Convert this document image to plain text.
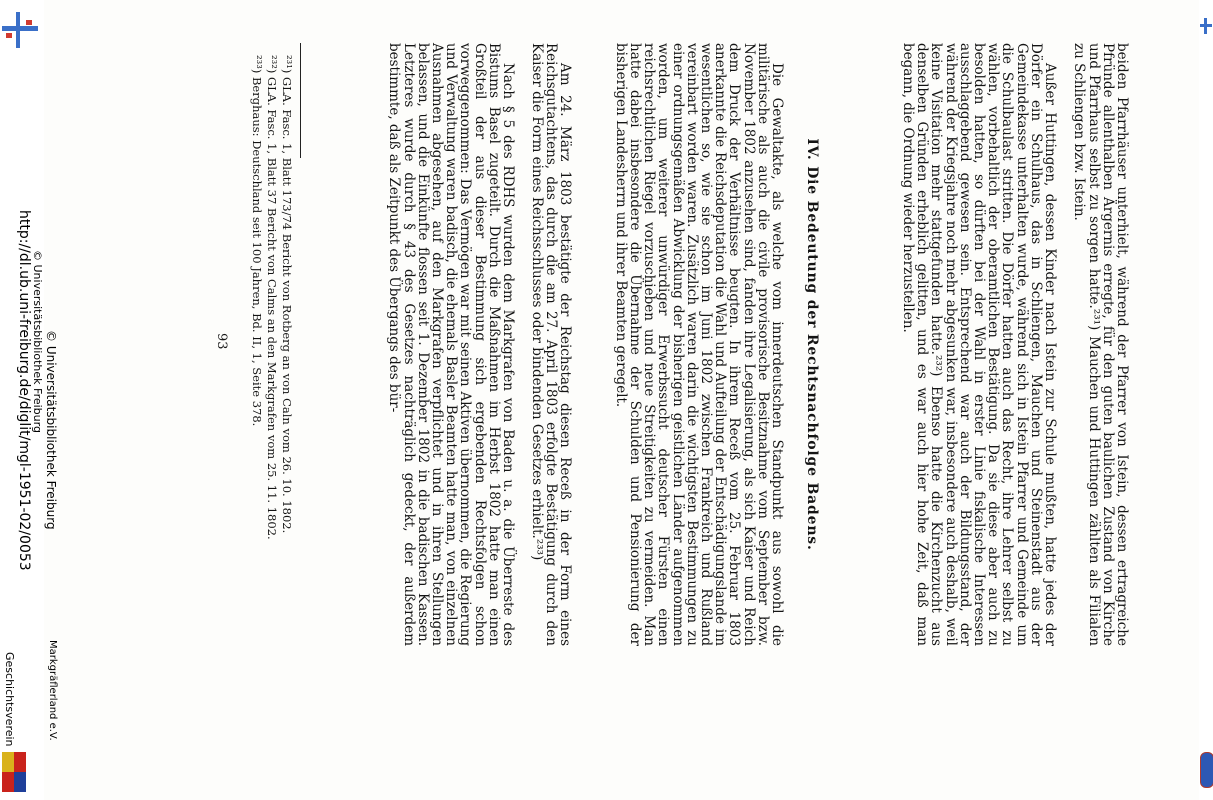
http://dl.ub.uni-freiburg.de/diglit/mgl-1951-02/0053 © Universitätsbibliothek Freiburg
Geschichtsverein
© Universitätsbibliothek Freiburg
Markgräflerland e.V.
beiden Pfarrhäuser unterhielt, während der Pfarrer von Istein, dessen ertragreiche Pfründe allenthalben Ärgernis erregte, für den guten baulichen Zustand von Kirche und Pfarrhaus selbst zu sorgen hatte.²³¹) Mauchen und Huttingen zählten als Filialen zu Schliengen bzw. Istein.
Außer Huttingen, dessen Kinder nach Istein zur Schule mußten, hatte jedes der Dörfer ein Schulhaus, das in Schliengen, Mauchen und Steinenstadt aus der Gemeindekasse unterhalten wurde, während sich in Istein Pfarrer und Gemeinde um die Schulbaulast stritten. Die Dörfer hatten auch das Recht, ihre Lehrer selbst zu wählen, vorbehaltlich der oberamtlichen Bestätigung. Da sie diese aber auch zu besolden hatten, so dürften bei der Wahl in erster Linie fiskalische Interessen ausschlaggebend gewesen sein. Entsprechend war auch der Bildungsstand, der während der Kriegsjahre noch mehr abgesunken war, insbesondere auch deshalb, weil keine Visitation mehr stattgefunden hatte.²³²) Ebenso hatte die Kirchenzucht aus denselben Gründen erheblich gelitten, und es war auch hier hohe Zeit, daß man begann, die Ordnung wieder herzustellen.
IV. Die Bedeutung der Rechtsnachfolge Badens.
Die Gewaltakte, als welche vom innerdeutschen Standpunkt aus sowohl die militärische als auch die civile provisorische Besitznahme vom September bzw. November 1802 anzusehen sind, fanden ihre Legalisierung, als sich Kaiser und Reich dem Druck der Verhältnisse beugten. In ihrem Receß vom 25. Februar 1803 anerkannte die Reichsdeputation die Wahl und Aufteilung der Entschädigungslande im wesentlichen so, wie sie schon im Juni 1802 zwischen Frankreich und Rußland vereinbart worden waren. Zusätzlich waren darin die wichtigsten Bestimmungen zu einer ordnungsgemäßen Abwicklung der bisherigen geistlichen Länder aufgenommen worden, um weiterer unwürdiger Erwerbssucht deutscher Fürsten einen reichsrechtlichen Riegel vorzuschieben und neue Streitigkeiten zu vermeiden. Man hatte dabei insbesondere die Übernahme der Schulden und Pensionierung der bisherigen Landesherrn und ihrer Beamten geregelt.
Am 24. März 1803 bestätigte der Reichstag diesen Receß in der Form eines Reichsgutachtens, das durch die am 27. April 1803 erfolgte Bestätigung durch den Kaiser die Form eines Reichsschlusses oder bindenden Gesetzes erhielt.²³³)
Nach § 5 des RDHS wurden dem Markgrafen von Baden u. a. die Überreste des Bistums Basel zugeteilt. Durch die Maßnahmen im Herbst 1802 hatte man einen Großteil der aus dieser Bestimmung sich ergebenden Rechtsfolgen schon vorweggenommen: Das Vermögen war mit seinen Aktiven übernommen, die Regierung und Verwaltung waren badisch, die ehemals Basler Beamten hatte man, von einzelnen Ausnahmen abgesehen, auf den Markgrafen verpflichtet und in ihren Stellungen belassen, und die Einkünfte flossen seit 1. Dezember 1802 in die badischen Kassen. Letzteres wurde durch § 43 des Gesetzes nachträglich gedeckt, der außerdem bestimmte, daß als Zeitpunkt des Übergangs des bür-
²³¹) GLA. Fasc. 1, Blatt 173/74 Bericht von Rotberg an von Caln vom 26. 10. 1802.
²³²) GLA. Fasc. 1, Blatt 37 Bericht von Calms an den Markgrafen vom 25. 11. 1802.
²³³) Berghaus: Deutschland seit 100 Jahren, Bd. II, 1, Seite 378.
93
